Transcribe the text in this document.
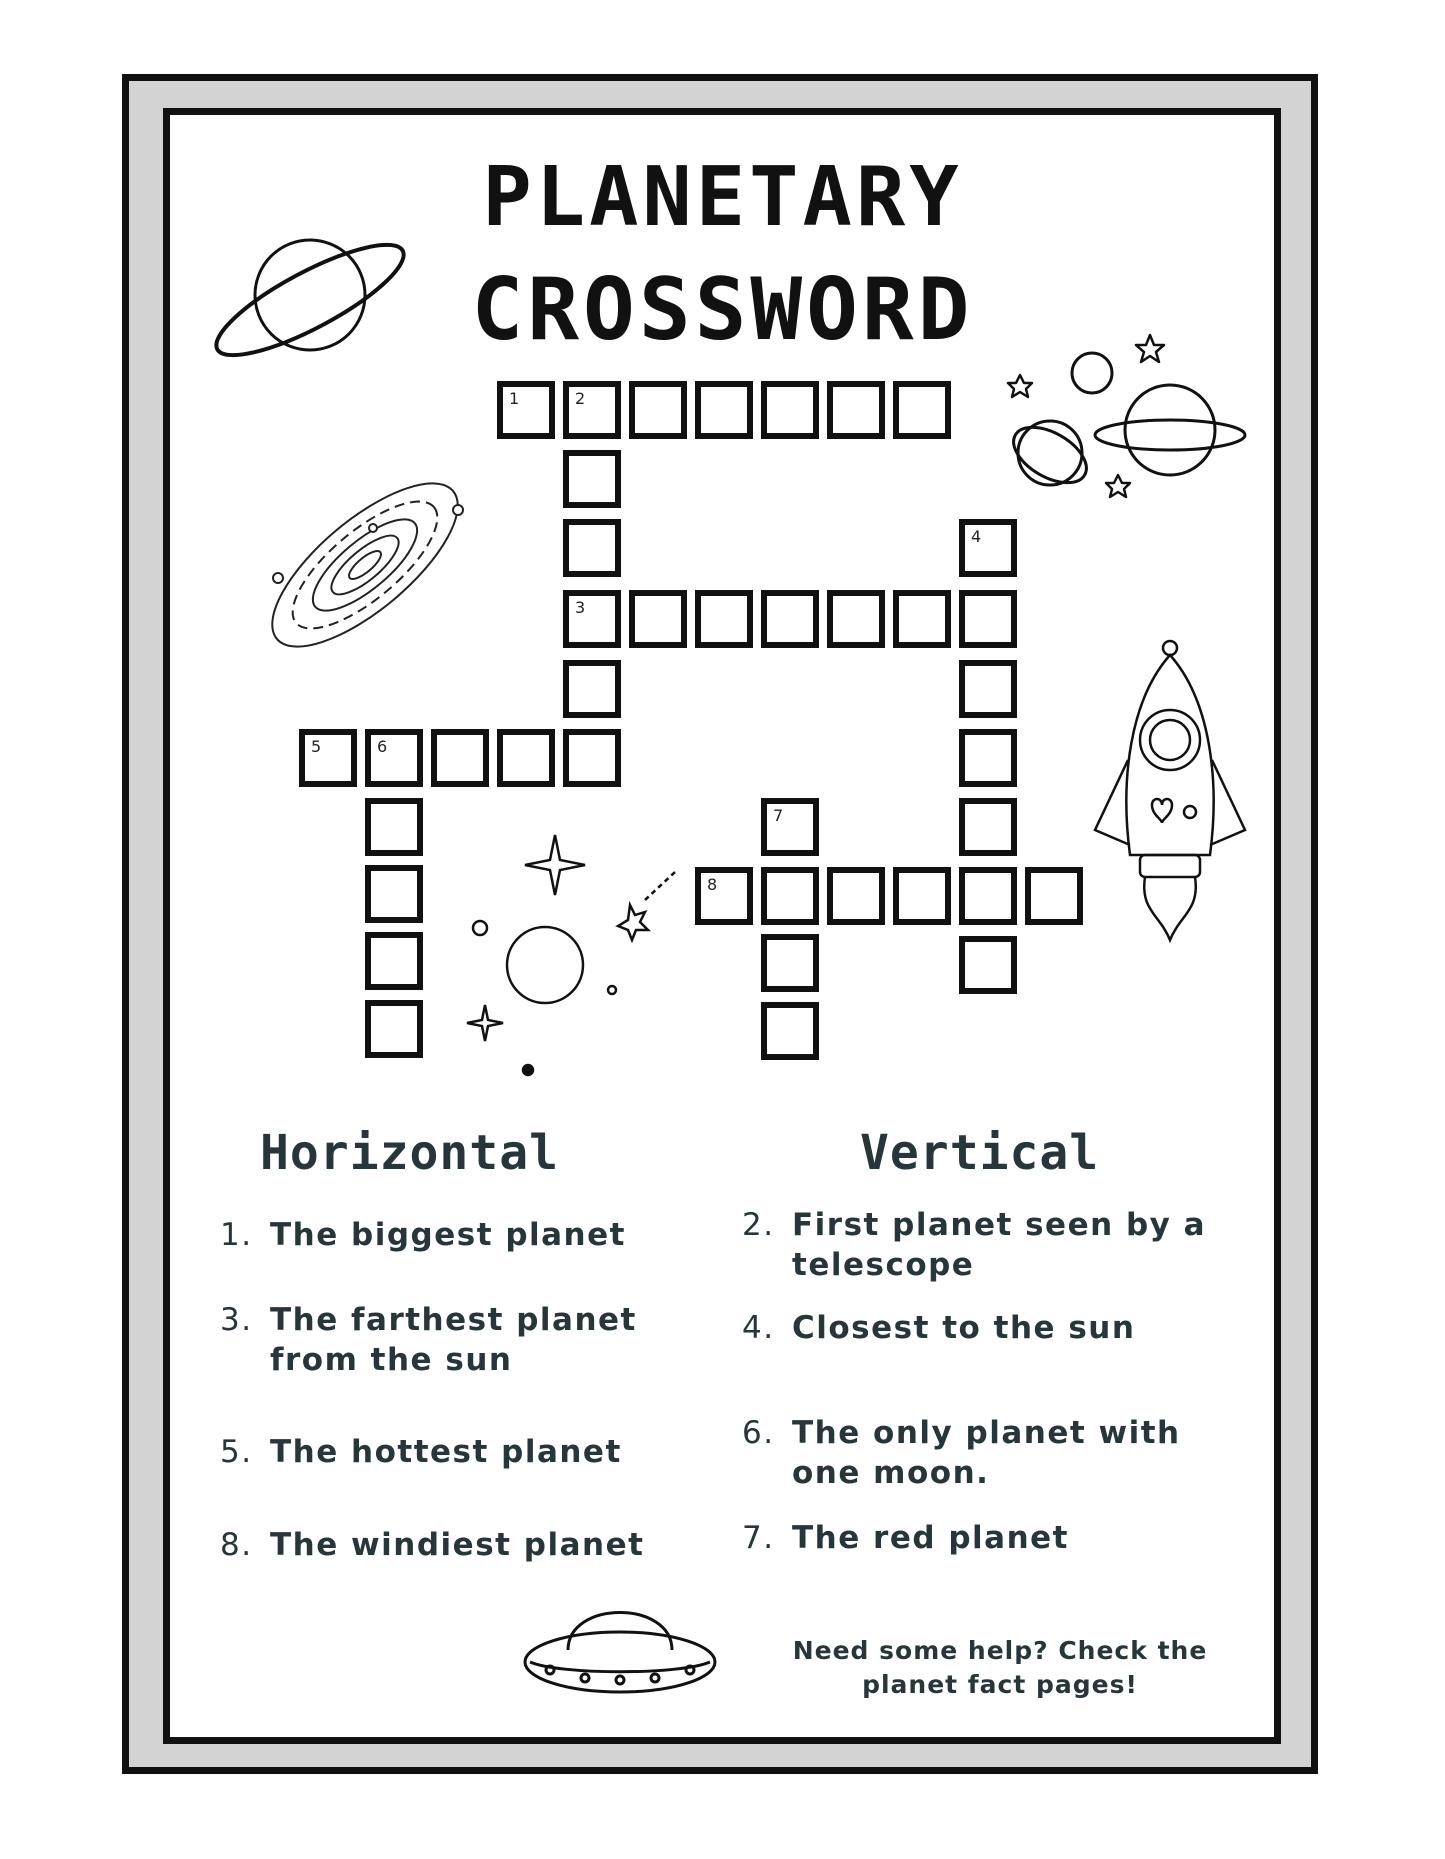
PLANETARY
CROSSWORD
1	2
3
4
5	6
7
8
Horizontal	Vertical
1. The biggest planet
3. The farthest planet from the sun
5. The hottest planet
8. The windiest planet
2. First planet seen by a telescope
4. Closest to the sun
6. The only planet with one moon.
7. The red planet
Need some help? Check the planet fact pages!
